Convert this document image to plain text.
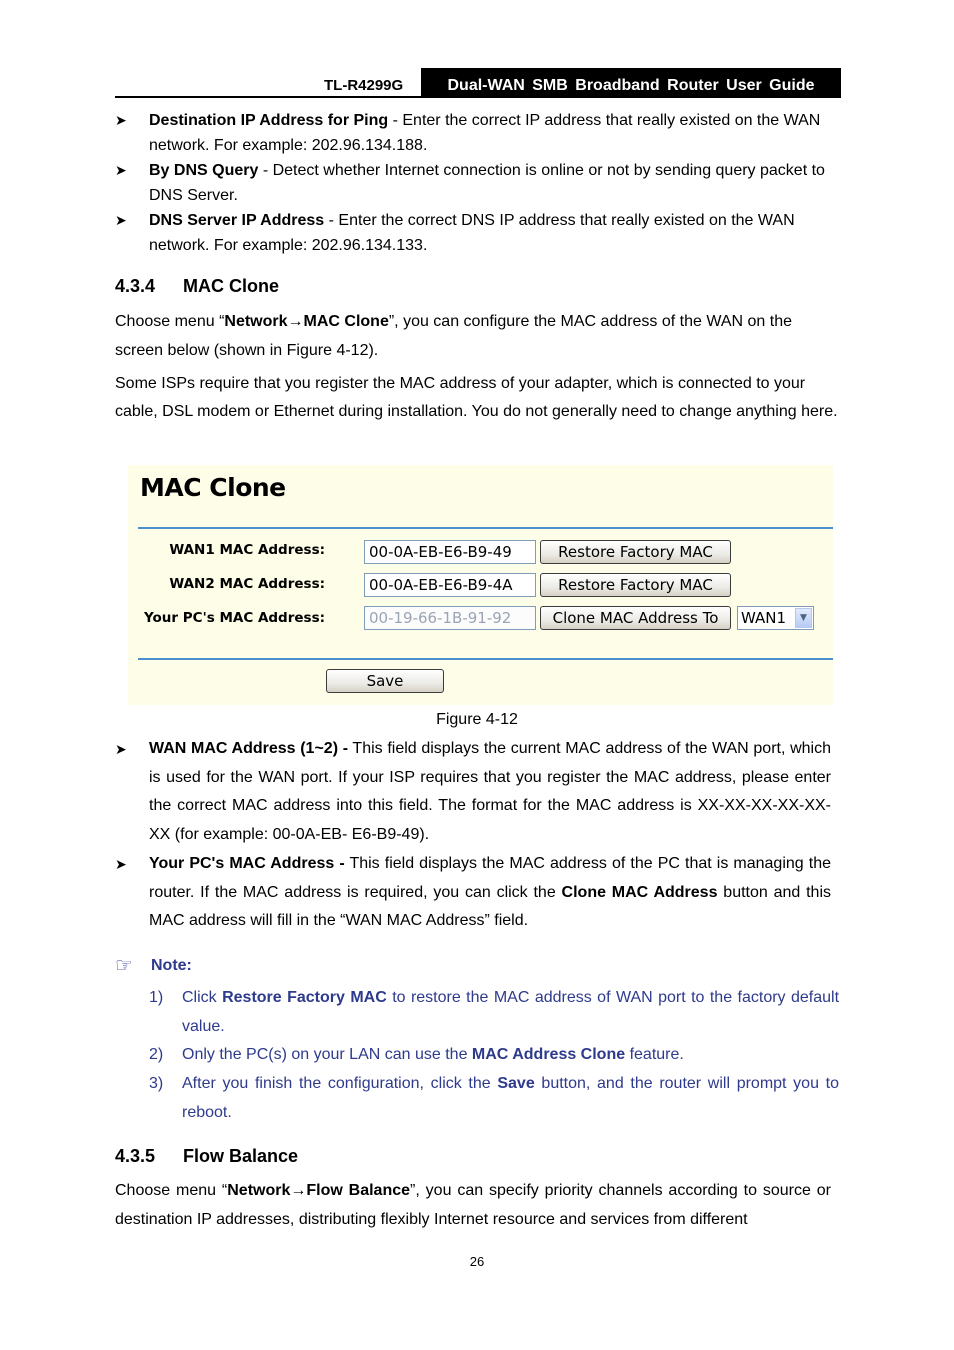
TL-R4299G	Dual-WAN SMB Broadband Router User Guide
➤ Destination IP Address for Ping - Enter the correct IP address that really existed on the WAN network. For example: 202.96.134.188.
➤ By DNS Query - Detect whether Internet connection is online or not by sending query packet to DNS Server.
➤ DNS Server IP Address - Enter the correct DNS IP address that really existed on the WAN network. For example: 202.96.134.133.
4.3.4 MAC Clone
Choose menu “Network→MAC Clone”, you can configure the MAC address of the WAN on the screen below (shown in Figure 4-12).
Some ISPs require that you register the MAC address of your adapter, which is connected to your cable, DSL modem or Ethernet during installation. You do not generally need to change anything here.
MAC Clone
WAN1 MAC Address:	00-0A-EB-E6-B9-49	Restore Factory MAC
WAN2 MAC Address:	00-0A-EB-E6-B9-4A	Restore Factory MAC
Your PC's MAC Address:	00-19-66-1B-91-92	Clone MAC Address To	WAN1	▼
Save
Figure 4-12
➤ WAN MAC Address (1~2) - This field displays the current MAC address of the WAN port, which is used for the WAN port. If your ISP requires that you register the MAC address, please enter the correct MAC address into this field. The format for the MAC address is XX-XX-XX-XX-XX-XX (for example: 00-0A-EB- E6-B9-49).
➤ Your PC's MAC Address - This field displays the MAC address of the PC that is managing the router. If the MAC address is required, you can click the Clone MAC Address button and this MAC address will fill in the “WAN MAC Address” field.
☞ Note:
1) Click Restore Factory MAC to restore the MAC address of WAN port to the factory default value.
2) Only the PC(s) on your LAN can use the MAC Address Clone feature.
3) After you finish the configuration, click the Save button, and the router will prompt you to reboot.
4.3.5 Flow Balance
Choose menu “Network→Flow Balance”, you can specify priority channels according to source or destination IP addresses, distributing flexibly Internet resource and services from different
26
